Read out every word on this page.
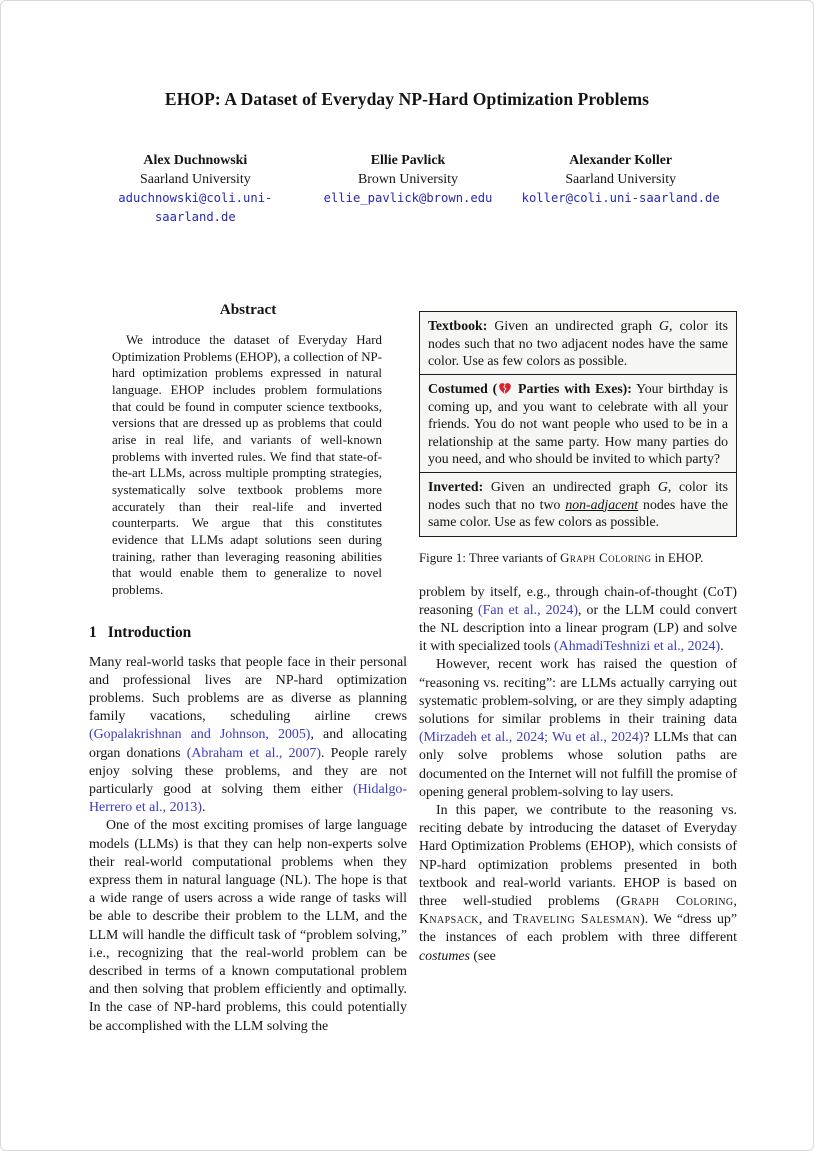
EHOP: A Dataset of Everyday NP-Hard Optimization Problems
Alex Duchnowski
Saarland University
aduchnowski@coli.uni-saarland.de
Ellie Pavlick
Brown University
ellie_pavlick@brown.edu
Alexander Koller
Saarland University
koller@coli.uni-saarland.de
Abstract

We introduce the dataset of Everyday Hard Optimization Problems (EHOP), a collection of NP-hard optimization problems expressed in natural language. EHOP includes problem formulations that could be found in computer science textbooks, versions that are dressed up as problems that could arise in real life, and variants of well-known problems with inverted rules. We find that state-of-the-art LLMs, across multiple prompting strategies, systematically solve textbook problems more accurately than their real-life and inverted counterparts. We argue that this constitutes evidence that LLMs adapt solutions seen during training, rather than leveraging reasoning abilities that would enable them to generalize to novel problems.

1 Introduction

Many real-world tasks that people face in their personal and professional lives are NP-hard optimization problems. Such problems are as diverse as planning family vacations, scheduling airline crews (Gopalakrishnan and Johnson, 2005), and allocating organ donations (Abraham et al., 2007). People rarely enjoy solving these problems, and they are not particularly good at solving them either (Hidalgo-Herrero et al., 2013).

One of the most exciting promises of large language models (LLMs) is that they can help non-experts solve their real-world computational problems when they express them in natural language (NL). The hope is that a wide range of users across a wide range of tasks will be able to describe their problem to the LLM, and the LLM will handle the difficult task of “problem solving,” i.e., recognizing that the real-world problem can be described in terms of a known computational problem and then solving that problem efficiently and optimally. In the case of NP-hard problems, this could potentially be accomplished with the LLM solving the

Textbook: Given an undirected graph G, color its nodes such that no two adjacent nodes have the same color. Use as few colors as possible.
Costumed ( Parties with Exes): Your birthday is coming up, and you want to celebrate with all your friends. You do not want people who used to be in a relationship at the same party. How many parties do you need, and who should be invited to which party?
Inverted: Given an undirected graph G, color its nodes such that no two non-adjacent nodes have the same color. Use as few colors as possible.
Figure 1: Three variants of Graph Coloring in EHOP.

problem by itself, e.g., through chain-of-thought (CoT) reasoning (Fan et al., 2024), or the LLM could convert the NL description into a linear program (LP) and solve it with specialized tools (AhmadiTeshnizi et al., 2024).

However, recent work has raised the question of “reasoning vs. reciting”: are LLMs actually carrying out systematic problem-solving, or are they simply adapting solutions for similar problems in their training data (Mirzadeh et al., 2024; Wu et al., 2024)? LLMs that can only solve problems whose solution paths are documented on the Internet will not fulfill the promise of opening general problem-solving to lay users.

In this paper, we contribute to the reasoning vs. reciting debate by introducing the dataset of Everyday Hard Optimization Problems (EHOP), which consists of NP-hard optimization problems presented in both textbook and real-world variants. EHOP is based on three well-studied problems (Graph Coloring, Knapsack, and Traveling Salesman). We “dress up” the instances of each problem with three different costumes (see
